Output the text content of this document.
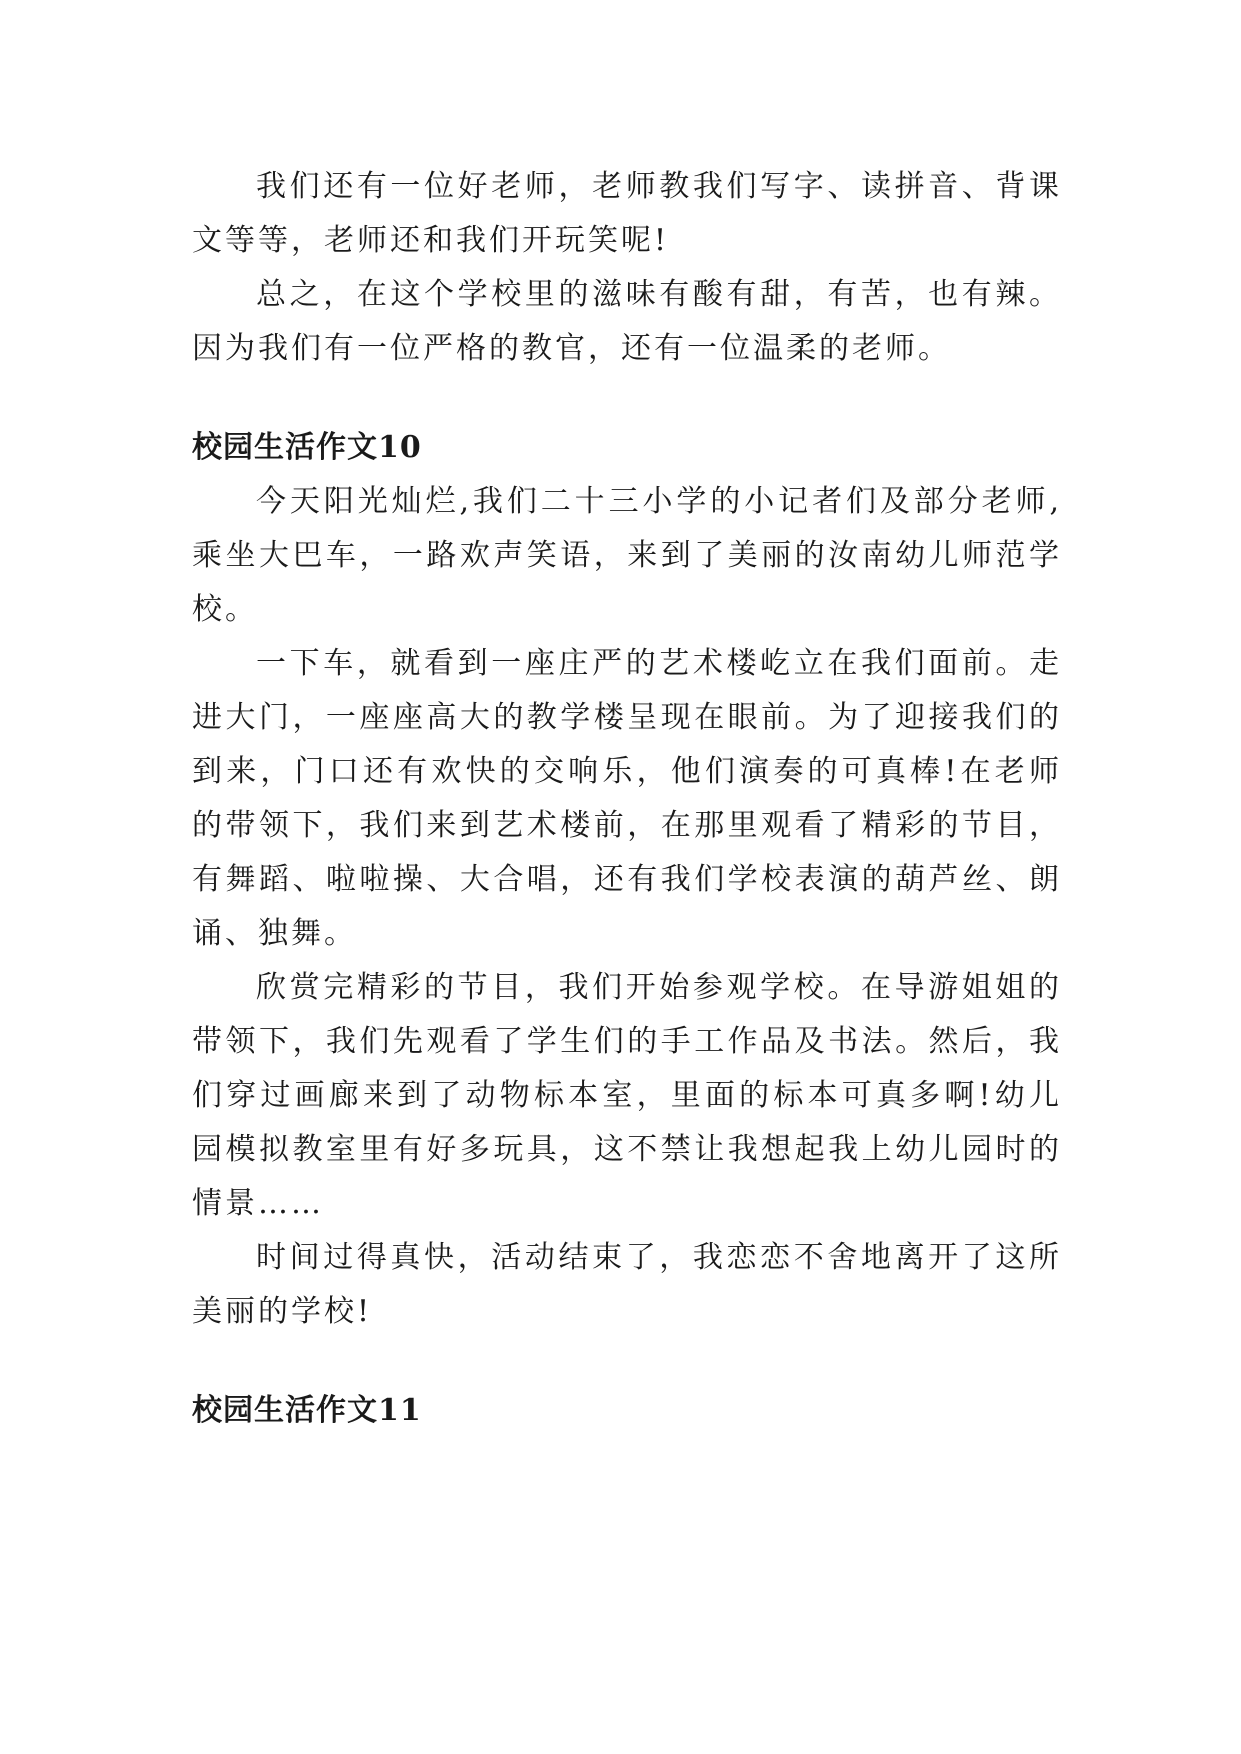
我们还有一位好老师，老师教我们写字、读拼音、背课文等等，老师还和我们开玩笑呢!

总之，在这个学校里的滋味有酸有甜，有苦，也有辣。因为我们有一位严格的教官，还有一位温柔的老师。

校园生活作文10

今天阳光灿烂,我们二十三小学的小记者们及部分老师,乘坐大巴车，一路欢声笑语，来到了美丽的汝南幼儿师范学校。

一下车，就看到一座庄严的艺术楼屹立在我们面前。走进大门，一座座高大的教学楼呈现在眼前。为了迎接我们的到来，门口还有欢快的交响乐，他们演奏的可真棒!在老师的带领下，我们来到艺术楼前，在那里观看了精彩的节目，有舞蹈、啦啦操、大合唱，还有我们学校表演的葫芦丝、朗诵、独舞。

欣赏完精彩的节目，我们开始参观学校。在导游姐姐的带领下，我们先观看了学生们的手工作品及书法。然后，我们穿过画廊来到了动物标本室，里面的标本可真多啊!幼儿园模拟教室里有好多玩具，这不禁让我想起我上幼儿园时的情景……

时间过得真快，活动结束了，我恋恋不舍地离开了这所美丽的学校!

校园生活作文11
